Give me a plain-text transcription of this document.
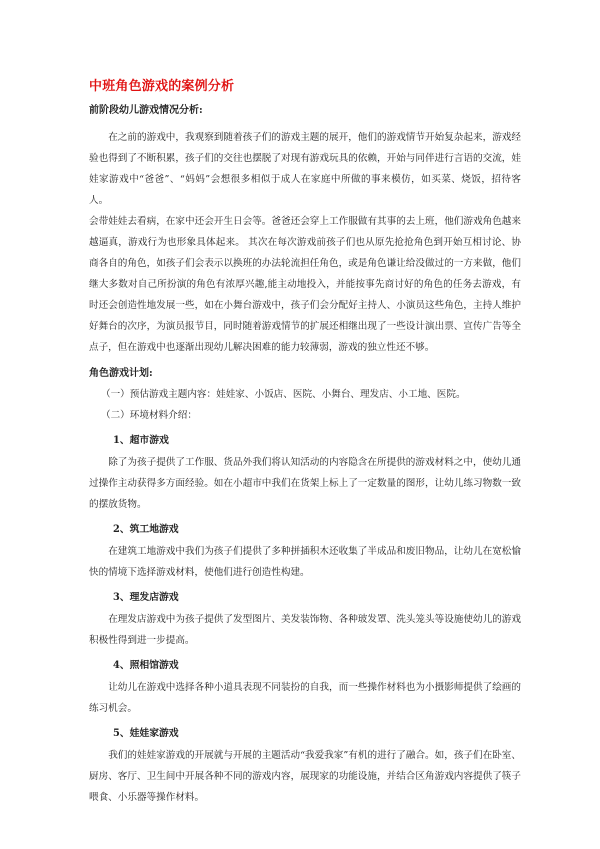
中班角色游戏的案例分析

前阶段幼儿游戏情况分析:

在之前的游戏中，我观察到随着孩子们的游戏主题的展开，他们的游戏情节开始复杂起来，游戏经验也得到了不断积累，孩子们的交往也摆脱了对现有游戏玩具的依赖，开始与同伴进行言语的交流，娃娃家游戏中“爸爸”、“妈妈”会想很多相似于成人在家庭中所做的事来模仿，如买菜、烧饭，招待客人。

会带娃娃去看病，在家中还会开生日会等。爸爸还会穿上工作服做有其事的去上班，他们游戏角色越来越逼真，游戏行为也形象具体起来。 其次在每次游戏前孩子们也从原先抢抢角色到开始互相讨论、协商各自的角色，如孩子们会表示以换班的办法轮流担任角色，或是角色谦让给没做过的一方来做，他们继大多数对自己所扮演的角色有浓厚兴趣,能主动地投入，并能按事先商讨好的角色的任务去游戏，有时还会创造性地发展一些，如在小舞台游戏中，孩子们会分配好主持人、小演员这些角色，主持人维护好舞台的次序，为演员报节目，同时随着游戏情节的扩展还相继出现了一些设计演出票、宣传广告等全点子，但在游戏中也逐渐出现幼儿解决困难的能力较薄弱，游戏的独立性还不够。

角色游戏计划:

（一）预估游戏主题内容：娃娃家、小饭店、医院、小舞台、理发店、小工地、医院。

（二）环境材料介绍：

1、超市游戏

除了为孩子提供了工作服、货品外我们将认知活动的内容隐含在所提供的游戏材料之中，使幼儿通过操作主动获得多方面经验。如在小超市中我们在货架上标上了一定数量的图形，让幼儿练习物数一致的摆放货物。

2、筑工地游戏

在建筑工地游戏中我们为孩子们提供了多种拼插积木还收集了半成品和废旧物品，让幼儿在宽松愉快的情境下选择游戏材料，使他们进行创造性构建。

3、理发店游戏

在理发店游戏中为孩子提供了发型图片、美发装饰物、各种玻发罩、洗头笼头等设施使幼儿的游戏积极性得到进一步提高。

4、照相馆游戏

让幼儿在游戏中选择各种小道具表现不同装扮的自我，而一些操作材料也为小摄影师提供了绘画的练习机会。

5、娃娃家游戏

我们的娃娃家游戏的开展就与开展的主题活动“我爱我家”有机的进行了融合。如，孩子们在卧室、厨房、客厅、卫生间中开展各种不同的游戏内容，展现家的功能设施，并结合区角游戏内容提供了筷子喂食、小乐器等操作材料。
